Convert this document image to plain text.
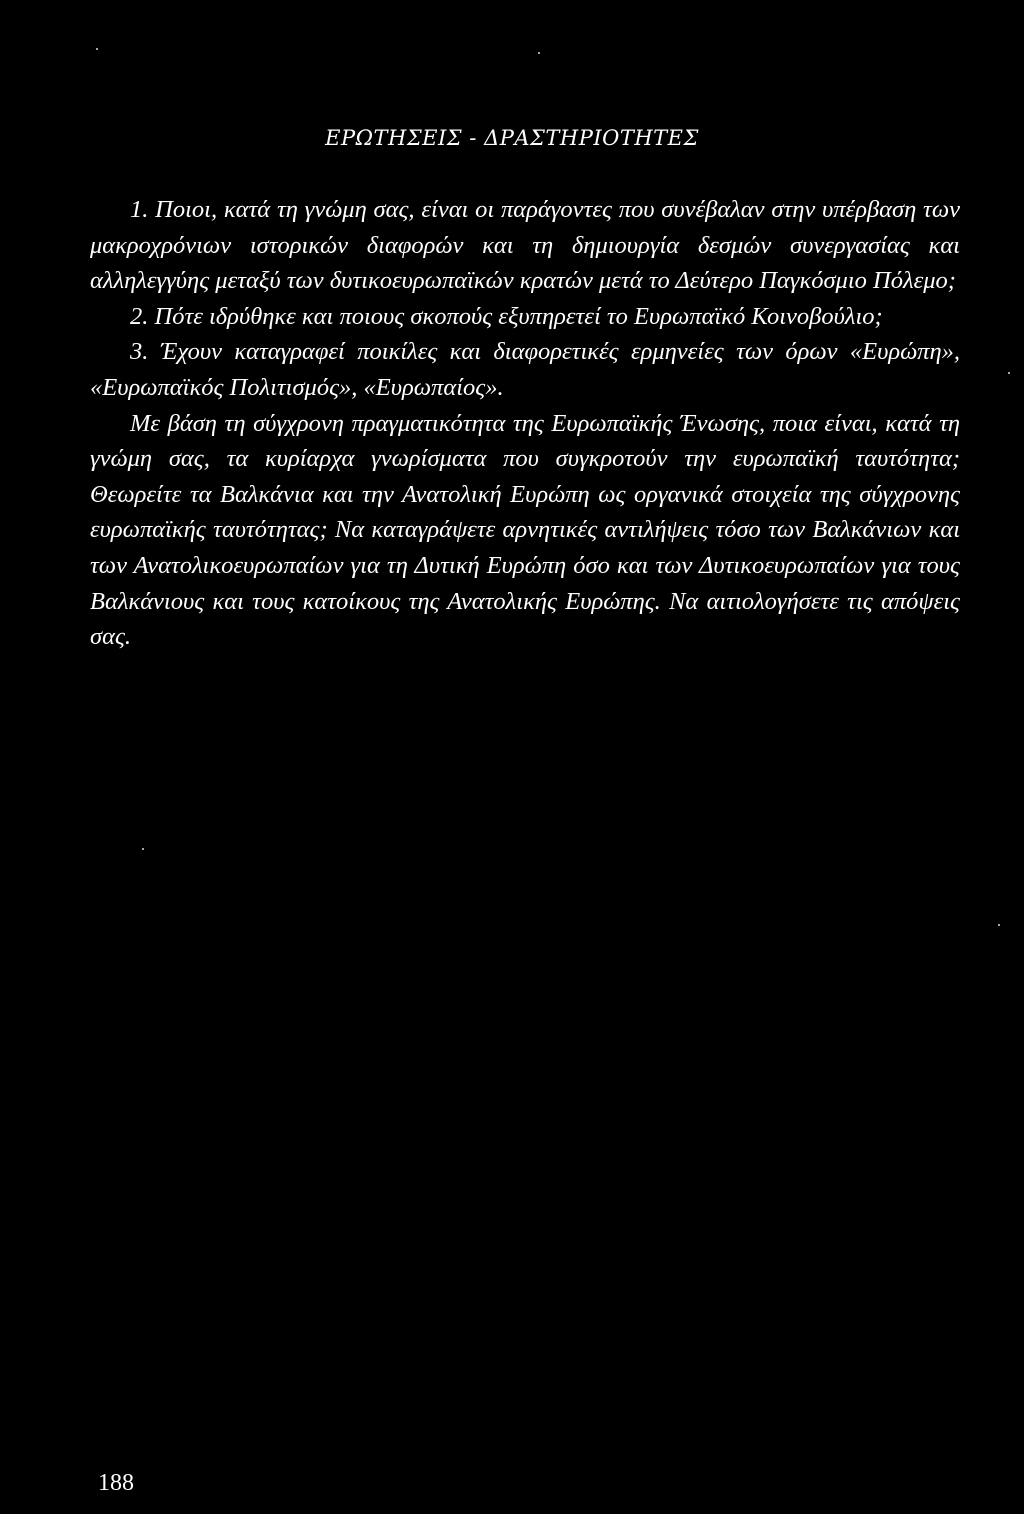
ΕΡΩΤΗΣΕΙΣ - ΔΡΑΣΤΗΡΙΟΤΗΤΕΣ

1. Ποιοι, κατά τη γνώμη σας, είναι οι παράγοντες που συνέβαλαν στην υπέρβαση των μακροχρόνιων ιστορικών διαφορών και τη δημιουργία δεσμών συνεργασίας και αλληλεγγύης μεταξύ των δυτικοευρωπαϊκών κρατών μετά το Δεύτερο Παγκόσμιο Πόλεμο;

2. Πότε ιδρύθηκε και ποιους σκοπούς εξυπηρετεί το Ευρωπαϊκό Κοινοβούλιο;

3. Έχουν καταγραφεί ποικίλες και διαφορετικές ερμηνείες των όρων «Ευρώπη», «Ευρωπαϊκός Πολιτισμός», «Ευρωπαίος».

Με βάση τη σύγχρονη πραγματικότητα της Ευρωπαϊκής Ένωσης, ποια είναι, κατά τη γνώμη σας, τα κυρίαρχα γνωρίσματα που συγκροτούν την ευρωπαϊκή ταυτότητα; Θεωρείτε τα Βαλκάνια και την Ανατολική Ευρώπη ως οργανικά στοιχεία της σύγχρονης ευρωπαϊκής ταυτότητας; Να καταγράψετε αρνητικές αντιλήψεις τόσο των Βαλκάνιων και των Ανατολικοευρωπαίων για τη Δυτική Ευρώπη όσο και των Δυτικοευρωπαίων για τους Βαλκάνιους και τους κατοίκους της Ανατολικής Ευρώπης. Να αιτιολογήσετε τις απόψεις σας.

188
